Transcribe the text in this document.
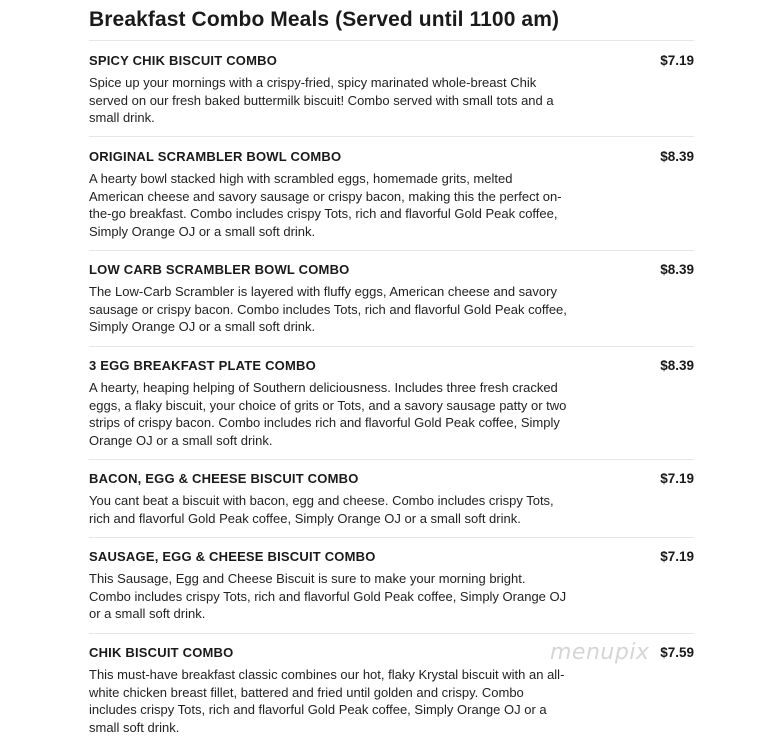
Breakfast Combo Meals (Served until 1100 am)
SPICY CHIK BISCUIT COMBO	$7.19
Spice up your mornings with a crispy-fried, spicy marinated whole-breast Chik served on our fresh baked buttermilk biscuit! Combo served with small tots and a small drink.
ORIGINAL SCRAMBLER BOWL COMBO	$8.39
A hearty bowl stacked high with scrambled eggs, homemade grits, melted American cheese and savory sausage or crispy bacon, making this the perfect on-the-go breakfast. Combo includes crispy Tots, rich and flavorful Gold Peak coffee, Simply Orange OJ or a small soft drink.
LOW CARB SCRAMBLER BOWL COMBO	$8.39
The Low-Carb Scrambler is layered with fluffy eggs, American cheese and savory sausage or crispy bacon. Combo includes Tots, rich and flavorful Gold Peak coffee, Simply Orange OJ or a small soft drink.
3 EGG BREAKFAST PLATE COMBO	$8.39
A hearty, heaping helping of Southern deliciousness. Includes three fresh cracked eggs, a flaky biscuit, your choice of grits or Tots, and a savory sausage patty or two strips of crispy bacon. Combo includes rich and flavorful Gold Peak coffee, Simply Orange OJ or a small soft drink.
BACON, EGG & CHEESE BISCUIT COMBO	$7.19
You cant beat a biscuit with bacon, egg and cheese. Combo includes crispy Tots, rich and flavorful Gold Peak coffee, Simply Orange OJ or a small soft drink.
SAUSAGE, EGG & CHEESE BISCUIT COMBO	$7.19
This Sausage, Egg and Cheese Biscuit is sure to make your morning bright. Combo includes crispy Tots, rich and flavorful Gold Peak coffee, Simply Orange OJ or a small soft drink.
CHIK BISCUIT COMBO	$7.59
This must-have breakfast classic combines our hot, flaky Krystal biscuit with an all-white chicken breast fillet, battered and fried until golden and crispy. Combo includes crispy Tots, rich and flavorful Gold Peak coffee, Simply Orange OJ or a small soft drink.
menupix
